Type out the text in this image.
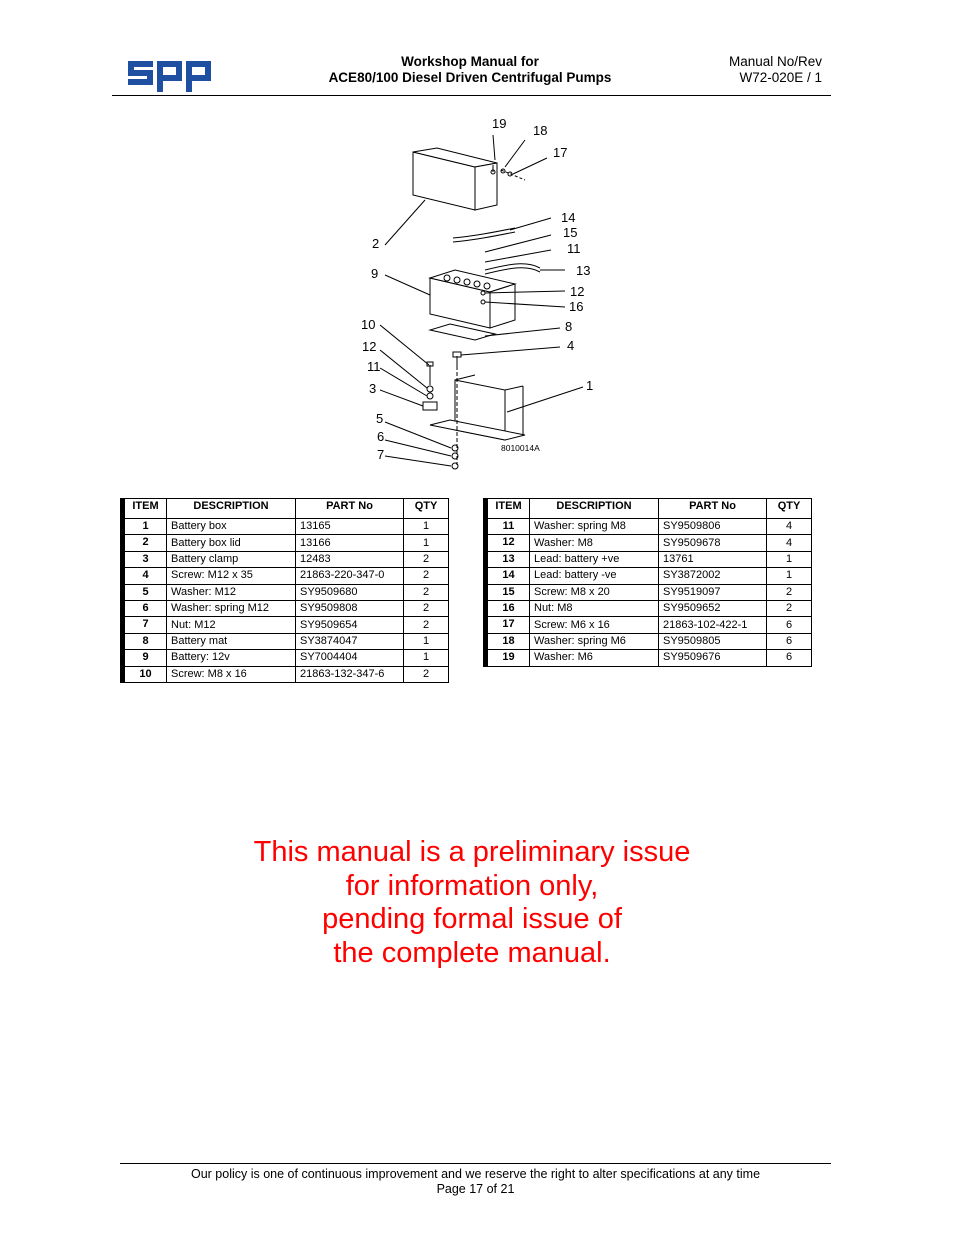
Workshop Manual for
ACE80/100 Diesel Driven Centrifugal Pumps
Manual No/Rev
W72-020E / 1
19 18
17
14
15
11
13
12
16
8
4
1
2
9
10
12
11
3
5
6
7	8010014A
	ITEM	DESCRIPTION	PART No	QTY
	1	Battery box	13165	1
	2	Battery box lid	13166	1
	3	Battery clamp	12483	2
	4	Screw: M12 x 35	21863-220-347-0	2
	5	Washer: M12	SY9509680	2
	6	Washer: spring M12	SY9509808	2
	7	Nut: M12	SY9509654	2
	8	Battery mat	SY3874047	1
	9	Battery: 12v	SY7004404	1
	10	Screw: M8 x 16	21863-132-347-6	2
	ITEM	DESCRIPTION	PART No	QTY
	11	Washer: spring M8	SY9509806	4
	12	Washer: M8	SY9509678	4
	13	Lead: battery +ve	13761	1
	14	Lead: battery -ve	SY3872002	1
	15	Screw: M8 x 20	SY9519097	2
	16	Nut: M8	SY9509652	2
	17	Screw: M6 x 16	21863-102-422-1	6
	18	Washer: spring M6	SY9509805	6
	19	Washer: M6	SY9509676	6
This manual is a preliminary issue
for information only,
pending formal issue of
the complete manual.
Our policy is one of continuous improvement and we reserve the right to alter specifications at any time
Page 17 of 21
